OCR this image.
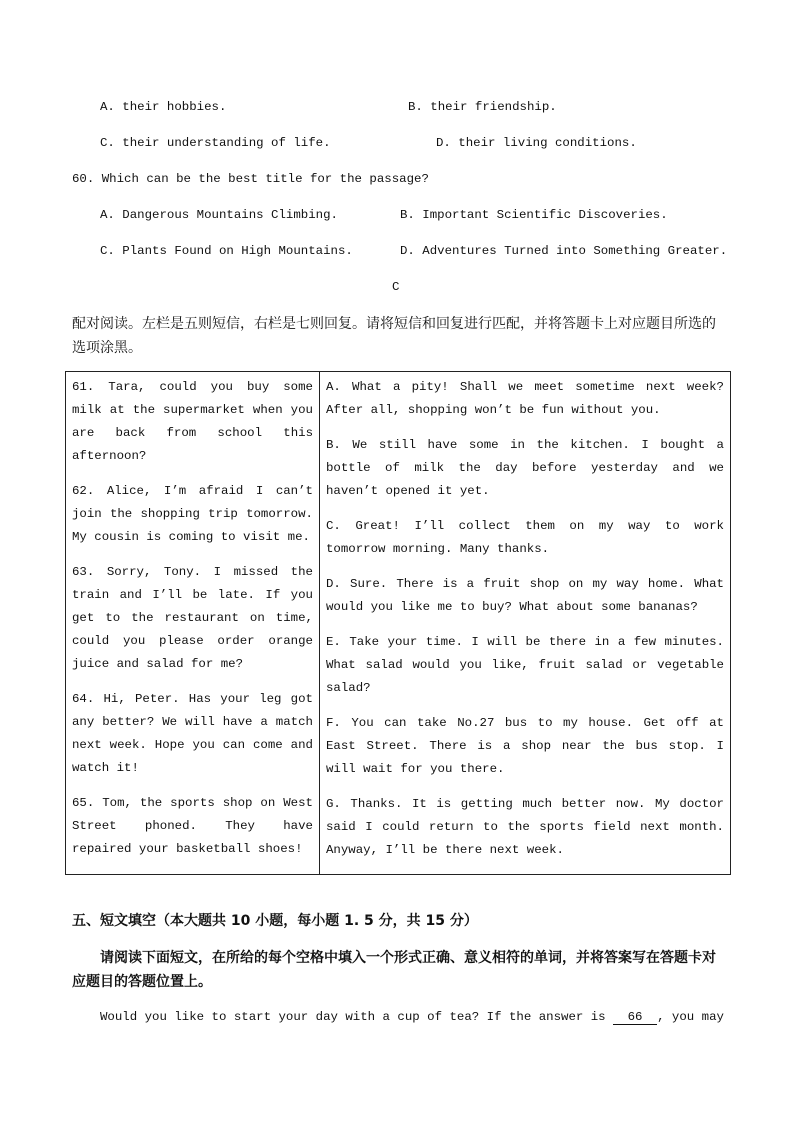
A. their hobbies.	B. their friendship.
C. their understanding of life.	D. their living conditions.
60. Which can be the best title for the passage?
A. Dangerous Mountains Climbing.	B. Important Scientific Discoveries.
C. Plants Found on High Mountains.	D. Adventures Turned into Something Greater.
C
配对阅读。左栏是五则短信，右栏是七则回复。请将短信和回复进行匹配，并将答题卡上对应题目所选的
选项涂黑。

61. Tara, could you buy some milk at the supermarket when you are back from school this afternoon?

62. Alice, I’m afraid I can’t join the shopping trip tomorrow. My cousin is coming to visit me.

63. Sorry, Tony. I missed the train and I’ll be late. If you get to the restaurant on time, could you please order orange juice and salad for me?

64. Hi, Peter. Has your leg got any better? We will have a match next week. Hope you can come and watch it!

65. Tom, the sports shop on West Street phoned. They have repaired your basketball shoes!

A. What a pity! Shall we meet sometime next week? After all, shopping won’t be fun without you.

B. We still have some in the kitchen. I bought a bottle of milk the day before yesterday and we haven’t opened it yet.

C. Great! I’ll collect them on my way to work tomorrow morning. Many thanks.

D. Sure. There is a fruit shop on my way home. What would you like me to buy? What about some bananas?

E. Take your time. I will be there in a few minutes. What salad would you like, fruit salad or vegetable salad?

F. You can take No.27 bus to my house. Get off at East Street. There is a shop near the bus stop. I will wait for you there.

G. Thanks. It is getting much better now. My doctor said I could return to the sports field next month. Anyway, I’ll be there next week.

五、短文填空（本大题共 10 小题，每小题 1. 5 分，共 15 分）
请阅读下面短文，在所给的每个空格中填入一个形式正确、意义相符的单词，并将答案写在答题卡对
应题目的答题位置上。
Would you like to start your day with a cup of tea? If the answer is 66 , you may
